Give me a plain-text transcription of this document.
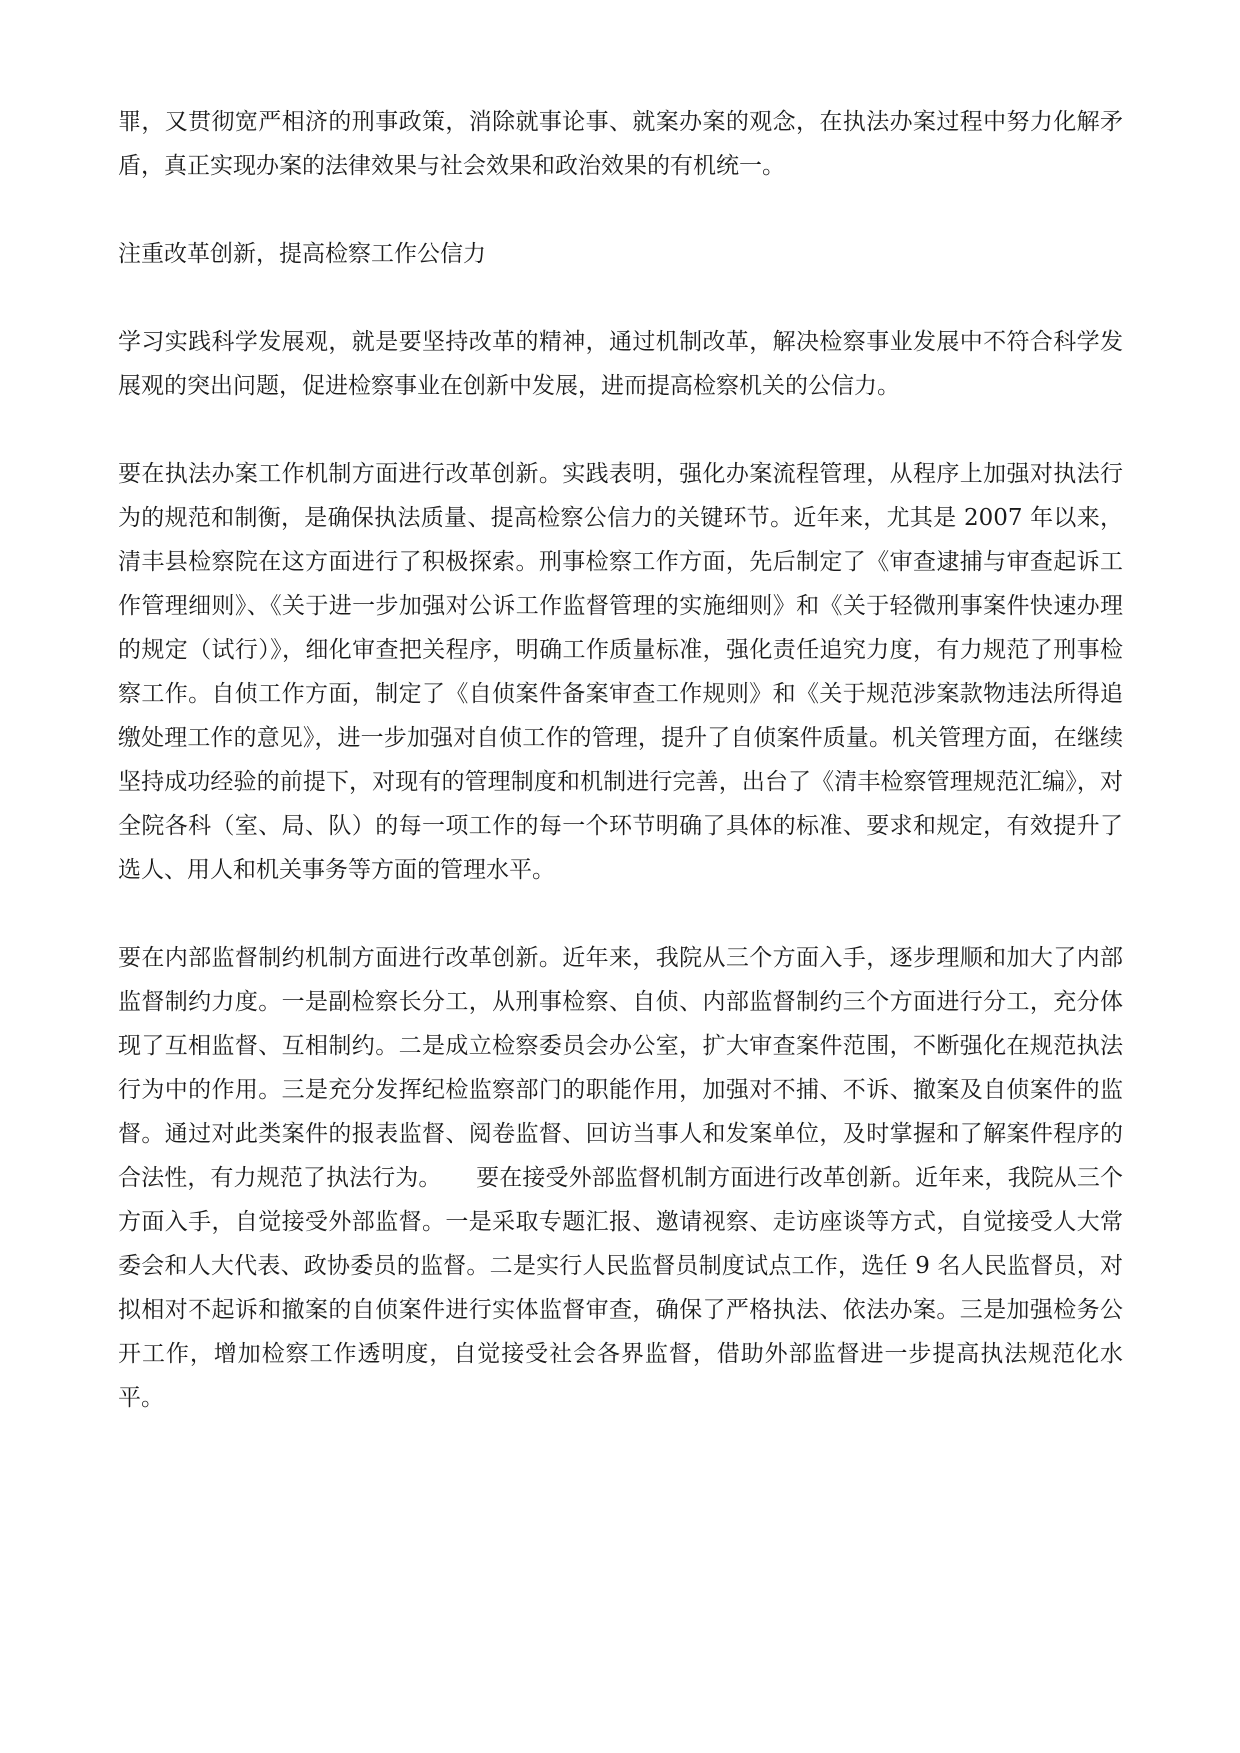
罪，又贯彻宽严相济的刑事政策，消除就事论事、就案办案的观念，在执法办案过程中努力化解矛盾，真正实现办案的法律效果与社会效果和政治效果的有机统一。

注重改革创新，提高检察工作公信力

学习实践科学发展观，就是要坚持改革的精神，通过机制改革，解决检察事业发展中不符合科学发展观的突出问题，促进检察事业在创新中发展，进而提高检察机关的公信力。

要在执法办案工作机制方面进行改革创新。实践表明，强化办案流程管理，从程序上加强对执法行为的规范和制衡，是确保执法质量、提高检察公信力的关键环节。近年来，尤其是 2007 年以来，清丰县检察院在这方面进行了积极探索。刑事检察工作方面，先后制定了《审查逮捕与审查起诉工作管理细则》、《关于进一步加强对公诉工作监督管理的实施细则》和《关于轻微刑事案件快速办理的规定（试行）》，细化审查把关程序，明确工作质量标准，强化责任追究力度，有力规范了刑事检察工作。自侦工作方面，制定了《自侦案件备案审查工作规则》和《关于规范涉案款物违法所得追缴处理工作的意见》，进一步加强对自侦工作的管理，提升了自侦案件质量。机关管理方面，在继续坚持成功经验的前提下，对现有的管理制度和机制进行完善，出台了《清丰检察管理规范汇编》，对全院各科（室、局、队）的每一项工作的每一个环节明确了具体的标准、要求和规定，有效提升了选人、用人和机关事务等方面的管理水平。

要在内部监督制约机制方面进行改革创新。近年来，我院从三个方面入手，逐步理顺和加大了内部监督制约力度。一是副检察长分工，从刑事检察、自侦、内部监督制约三个方面进行分工，充分体现了互相监督、互相制约。二是成立检察委员会办公室，扩大审查案件范围，不断强化在规范执法行为中的作用。三是充分发挥纪检监察部门的职能作用，加强对不捕、不诉、撤案及自侦案件的监督。通过对此类案件的报表监督、阅卷监督、回访当事人和发案单位，及时掌握和了解案件程序的合法性，有力规范了执法行为。　　要在接受外部监督机制方面进行改革创新。近年来，我院从三个方面入手，自觉接受外部监督。一是采取专题汇报、邀请视察、走访座谈等方式，自觉接受人大常委会和人大代表、政协委员的监督。二是实行人民监督员制度试点工作，选任 9 名人民监督员，对拟相对不起诉和撤案的自侦案件进行实体监督审查，确保了严格执法、依法办案。三是加强检务公开工作，增加检察工作透明度，自觉接受社会各界监督，借助外部监督进一步提高执法规范化水平。
